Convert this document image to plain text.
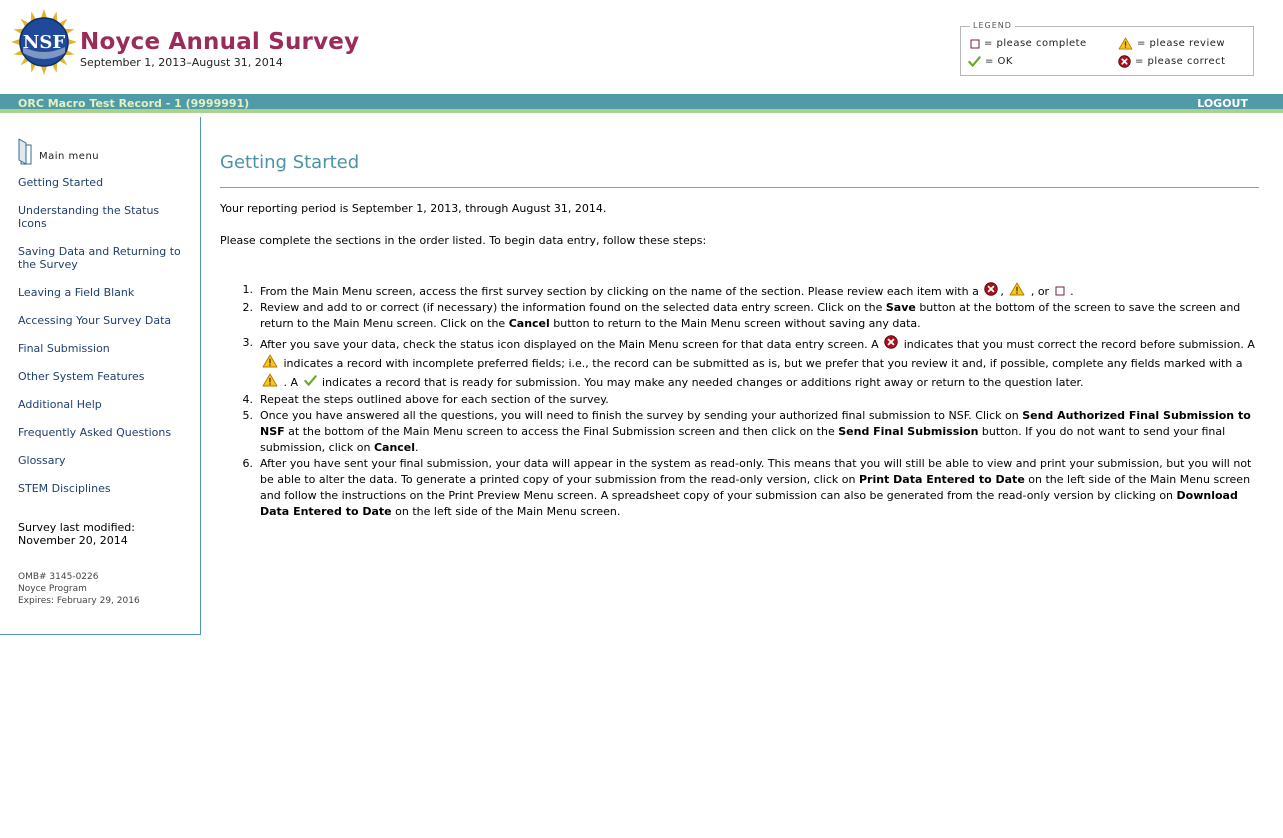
NSF Noyce Annual Survey
September 1, 2013–August 31, 2014
LEGEND
= please complete	= please review
= OK	= please correct
ORC Macro Test Record - 1 (9999991)	LOGOUT
Main menu
Getting Started
Understanding the Status Icons
Saving Data and Returning to the Survey
Leaving a Field Blank
Accessing Your Survey Data
Final Submission
Other System Features
Additional Help
Frequently Asked Questions
Glossary
STEM Disciplines
Survey last modified:
November 20, 2014
OMB# 3145-0226
Noyce Program
Expires: February 29, 2016
Getting Started
Your reporting period is September 1, 2013, through August 31, 2014.
Please complete the sections in the order listed. To begin data entry, follow these steps:
1. From the Main Menu screen, access the first survey section by clicking on the name of the section. Please review each item with a , , or .
2. Review and add to or correct (if necessary) the information found on the selected data entry screen. Click on the Save button at the bottom of the screen to save the screen and return to the Main Menu screen. Click on the Cancel button to return to the Main Menu screen without saving any data.
3. After you save your data, check the status icon displayed on the Main Menu screen for that data entry screen. A indicates that you must correct the record before submission. A  indicates a record with incomplete preferred fields; i.e., the record can be submitted as is, but we prefer that you review it and, if possible, complete any fields marked with a  . A indicates a record that is ready for submission. You may make any needed changes or additions right away or return to the question later.
4. Repeat the steps outlined above for each section of the survey.
5. Once you have answered all the questions, you will need to finish the survey by sending your authorized final submission to NSF. Click on Send Authorized Final Submission to NSF at the bottom of the Main Menu screen to access the Final Submission screen and then click on the Send Final Submission button. If you do not want to send your final submission, click on Cancel.
6. After you have sent your final submission, your data will appear in the system as read-only. This means that you will still be able to view and print your submission, but you will not be able to alter the data. To generate a printed copy of your submission from the read-only version, click on Print Data Entered to Date on the left side of the Main Menu screen and follow the instructions on the Print Preview Menu screen. A spreadsheet copy of your submission can also be generated from the read-only version by clicking on Download Data Entered to Date on the left side of the Main Menu screen.
